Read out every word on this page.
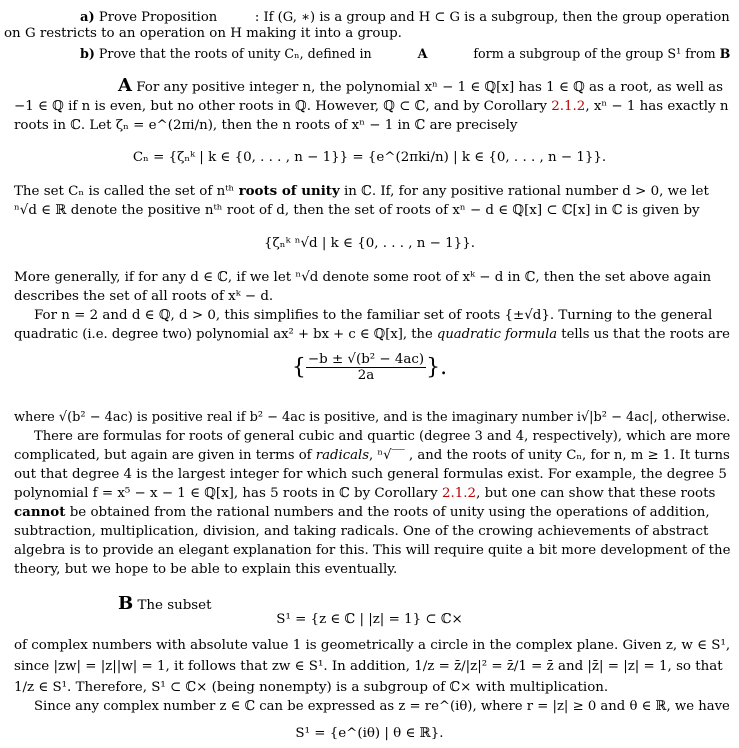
a) Prove Proposition	: If (G, ∗) is a group and H ⊂ G is a subgroup, then the group operation
on G restricts to an operation on H making it into a group.
b) Prove that the roots of unity Cₙ, defined in	A	form a subgroup of the group S¹ from B
A For any positive integer n, the polynomial xⁿ − 1 ∈ ℚ[x] has 1 ∈ ℚ as a root, as well as
−1 ∈ ℚ if n is even, but no other roots in ℚ. However, ℚ ⊂ ℂ, and by Corollary 2.1.2, xⁿ − 1 has exactly n
roots in ℂ. Let ζₙ = e^(2πi/n), then the n roots of xⁿ − 1 in ℂ are precisely
Cₙ = {ζₙᵏ | k ∈ {0, . . . , n − 1}} = {e^(2πki/n) | k ∈ {0, . . . , n − 1}}.
The set Cₙ is called the set of nᵗʰ roots of unity in ℂ. If, for any positive rational number d > 0, we let
ⁿ√d ∈ ℝ denote the positive nᵗʰ root of d, then the set of roots of xⁿ − d ∈ ℚ[x] ⊂ ℂ[x] in ℂ is given by
{ζₙᵏ ⁿ√d | k ∈ {0, . . . , n − 1}}.
More generally, if for any d ∈ ℂ, if we let ⁿ√d denote some root of xᵏ − d in ℂ, then the set above again
describes the set of all roots of xᵏ − d.
For n = 2 and d ∈ ℚ, d > 0, this simplifies to the familiar set of roots {±√d}. Turning to the general
quadratic (i.e. degree two) polynomial ax² + bx + c ∈ ℚ[x], the quadratic formula tells us that the roots are
{ $\frac{\text{−b ± √(b² − 4ac)}}{2a}$ }.
where √(b² − 4ac) is positive real if b² − 4ac is positive, and is the imaginary number i√|b² − 4ac|, otherwise.
There are formulas for roots of general cubic and quartic (degree 3 and 4, respectively), which are more
complicated, but again are given in terms of radicals, ⁿ√‾‾ , and the roots of unity Cₙ, for n, m ≥ 1. It turns
out that degree 4 is the largest integer for which such general formulas exist. For example, the degree 5
polynomial f = x⁵ − x − 1 ∈ ℚ[x], has 5 roots in ℂ by Corollary 2.1.2, but one can show that these roots
cannot be obtained from the rational numbers and the roots of unity using the operations of addition,
subtraction, multiplication, division, and taking radicals. One of the crowing achievements of abstract
algebra is to provide an elegant explanation for this. This will require quite a bit more development of the
theory, but we hope to be able to explain this eventually.
B The subset
S¹ = {z ∈ ℂ | |z| = 1} ⊂ ℂ×
of complex numbers with absolute value 1 is geometrically a circle in the complex plane. Given z, w ∈ S¹,
since |zw| = |z||w| = 1, it follows that zw ∈ S¹. In addition, 1/z = z̄/|z|² = z̄/1 = z̄ and |z̄| = |z| = 1, so that
1/z ∈ S¹. Therefore, S¹ ⊂ ℂ× (being nonempty) is a subgroup of ℂ× with multiplication.
Since any complex number z ∈ ℂ can be expressed as z = re^(iθ), where r = |z| ≥ 0 and θ ∈ ℝ, we have
S¹ = {e^(iθ) | θ ∈ ℝ}.
